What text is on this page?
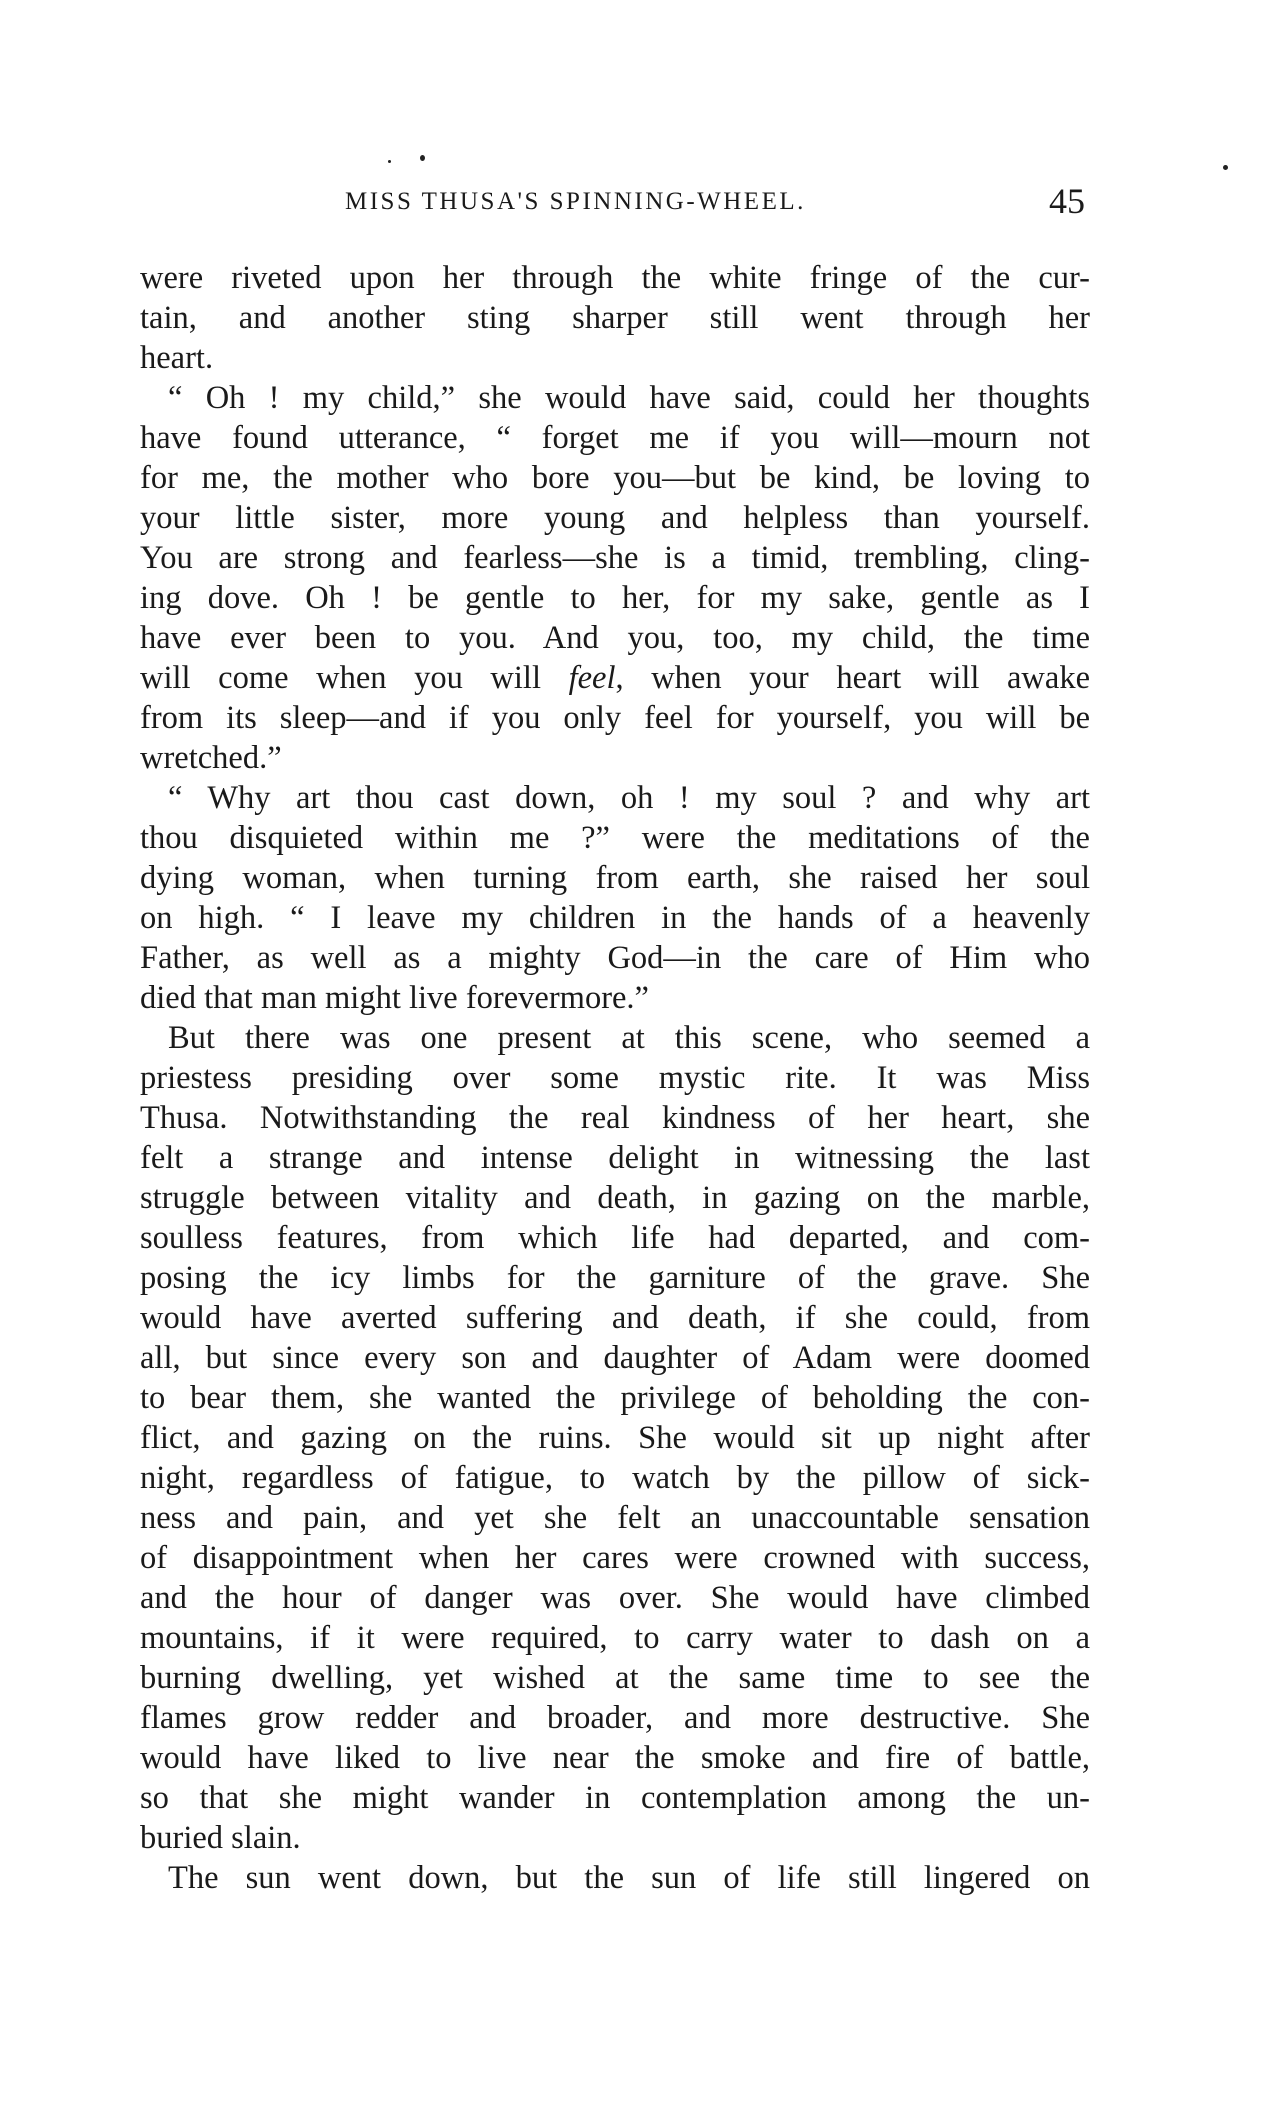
MISS THUSA'S SPINNING-WHEEL.	45
were riveted upon her through the white fringe of the cur-
tain, and another sting sharper still went through her
heart.
“ Oh ! my child,” she would have said, could her thoughts
have found utterance, “ forget me if you will—mourn not
for me, the mother who bore you—but be kind, be loving to
your little sister, more young and helpless than yourself.
You are strong and fearless—she is a timid, trembling, cling-
ing dove. Oh ! be gentle to her, for my sake, gentle as I
have ever been to you. And you, too, my child, the time
will come when you will feel, when your heart will awake
from its sleep—and if you only feel for yourself, you will be
wretched.”
“ Why art thou cast down, oh ! my soul ? and why art
thou disquieted within me ?” were the meditations of the
dying woman, when turning from earth, she raised her soul
on high. “ I leave my children in the hands of a heavenly
Father, as well as a mighty God—in the care of Him who
died that man might live forevermore.”
But there was one present at this scene, who seemed a
priestess presiding over some mystic rite. It was Miss
Thusa. Notwithstanding the real kindness of her heart, she
felt a strange and intense delight in witnessing the last
struggle between vitality and death, in gazing on the marble,
soulless features, from which life had departed, and com-
posing the icy limbs for the garniture of the grave. She
would have averted suffering and death, if she could, from
all, but since every son and daughter of Adam were doomed
to bear them, she wanted the privilege of beholding the con-
flict, and gazing on the ruins. She would sit up night after
night, regardless of fatigue, to watch by the pillow of sick-
ness and pain, and yet she felt an unaccountable sensation
of disappointment when her cares were crowned with success,
and the hour of danger was over. She would have climbed
mountains, if it were required, to carry water to dash on a
burning dwelling, yet wished at the same time to see the
flames grow redder and broader, and more destructive. She
would have liked to live near the smoke and fire of battle,
so that she might wander in contemplation among the un-
buried slain.
The sun went down, but the sun of life still lingered on
